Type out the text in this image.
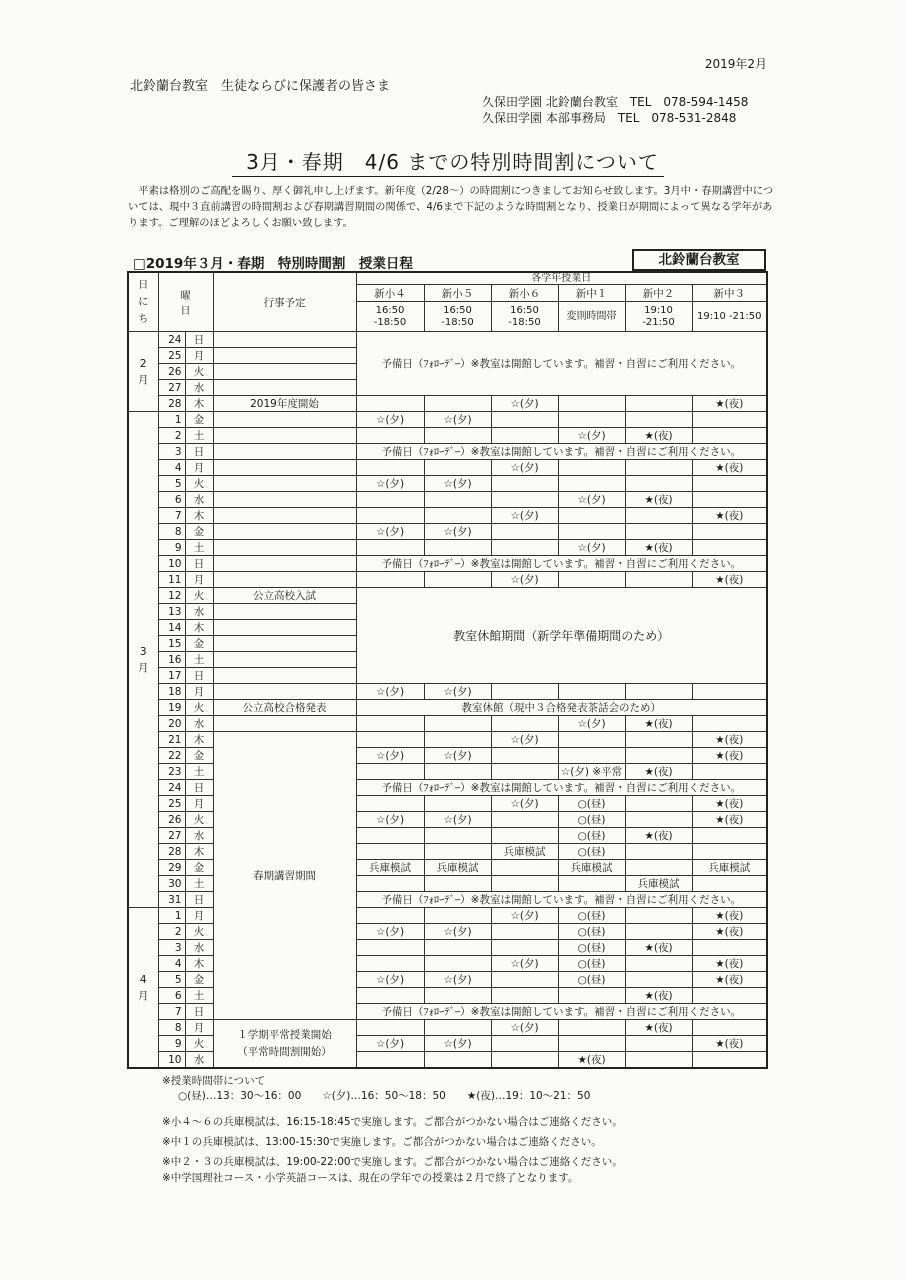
2019年2月
北鈴蘭台教室　生徒ならびに保護者の皆さま
久保田学園 北鈴蘭台教室　TEL　078-594-1458
久保田学園 本部事務局　TEL　078-531-2848
3月・春期　4/6 までの特別時間割について
平素は格別のご高配を賜り、厚く御礼申し上げます。新年度（2/28～）の時間割につきましてお知らせ致します。3月中・春期講習中については、現中３直前講習の時間割および春期講習期間の関係で、4/6まで下記のような時間割となり、授業日が期間によって異なる学年があります。ご理解のほどよろしくお願い致します。
□2019年３月・春期　特別時間割　授業日程	北鈴蘭台教室
日にち	曜日		行事予定	各学年授業日					
				新小４	新小５	新小６	新中１	新中２	新中３
				16:50 -18:50	16:50 -18:50	16:50 -18:50	変則時間帯	19:10 -21:50	19:10 -21:50
2月	24	日		予備日（ﾌｫﾛｰﾃﾞｰ）※教室は開館しています。補習・自習にご利用ください。					
	25	月							
	26	火							
	27	水							
	28	木	2019年度開始			☆(夕)			★(夜)
3月	1	金		☆(夕)	☆(夕)				
	2	土					☆(夕)	★(夜)	
	3	日		予備日（ﾌｫﾛｰﾃﾞｰ）※教室は開館しています。補習・自習にご利用ください。					
	4	月				☆(夕)			★(夜)
	5	火		☆(夕)	☆(夕)				
	6	水					☆(夕)	★(夜)	
	7	木				☆(夕)			★(夜)
	8	金		☆(夕)	☆(夕)				
	9	土					☆(夕)	★(夜)	
	10	日		予備日（ﾌｫﾛｰﾃﾞｰ）※教室は開館しています。補習・自習にご利用ください。					
	11	月				☆(夕)			★(夜)
	12	火	公立高校入試	教室休館期間（新学年準備期間のため）					
	13	水							
	14	木							
	15	金							
	16	土							
	17	日							
	18	月		☆(夕)	☆(夕)				
	19	火	公立高校合格発表	教室休館（現中３合格発表茶話会のため）					
	20	水					☆(夕)	★(夜)	
	21	木	春期講習期間			☆(夕)			★(夜)
	22	金		☆(夕)	☆(夕)				★(夜)
	23	土					☆(夕) ※平常	★(夜)	
	24	日		予備日（ﾌｫﾛｰﾃﾞｰ）※教室は開館しています。補習・自習にご利用ください。					
	25	月				☆(夕)	○(昼)		★(夜)
	26	火		☆(夕)	☆(夕)		○(昼)		★(夜)
	27	水					○(昼)	★(夜)	
	28	木				兵庫模試	○(昼)		
	29	金		兵庫模試	兵庫模試		兵庫模試		兵庫模試
	30	土						兵庫模試	
	31	日		予備日（ﾌｫﾛｰﾃﾞｰ）※教室は開館しています。補習・自習にご利用ください。					
4月	1	月				☆(夕)	○(昼)		★(夜)
	2	火		☆(夕)	☆(夕)		○(昼)		★(夜)
	3	水					○(昼)	★(夜)	
	4	木				☆(夕)	○(昼)		★(夜)
	5	金		☆(夕)	☆(夕)		○(昼)		★(夜)
	6	土						★(夜)	
	7	日		予備日（ﾌｫﾛｰﾃﾞｰ）※教室は開館しています。補習・自習にご利用ください。					
	8	月	１学期平常授業開始
（平常時間割開始）			☆(夕)		★(夜)	
	9	火		☆(夕)	☆(夕)				★(夜)
	10	水					★(夜)		
※授業時間帯について
○(昼)…13：30～16：00　　☆(夕)…16：50～18：50　　★(夜)…19：10～21：50
※小４～６の兵庫模試は、16:15-18:45で実施します。ご都合がつかない場合はご連絡ください。
※中１の兵庫模試は、13:00-15:30で実施します。ご都合がつかない場合はご連絡ください。
※中２・３の兵庫模試は、19:00-22:00で実施します。ご都合がつかない場合はご連絡ください。
※中学国理社コース・小学英語コースは、現在の学年での授業は２月で終了となります。
